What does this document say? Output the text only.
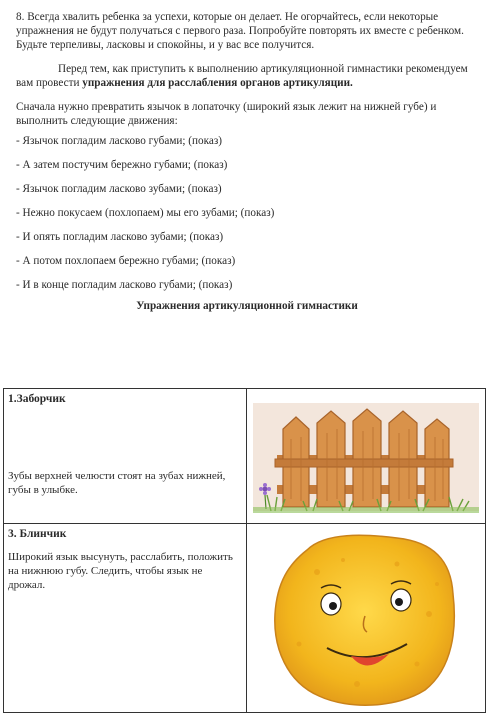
8. Всегда хвалить ребенка за успехи, которые он делает. Не огорчайтесь, если некоторые упражнения не будут получаться с первого раза. Попробуйте повторять их вместе с ребенком. Будьте терпеливы, ласковы и спокойны, и у вас все получится.

Перед тем, как приступить к выполнению артикуляционной гимнастики рекомендуем вам провести упражнения для расслабления органов артикуляции.

Сначала нужно превратить язычок в лопаточку (широкий язык лежит на нижней губе) и выполнить следующие движения:

- Язычок погладим ласково губами; (показ)
- А затем постучим бережно губами; (показ)
- Язычок погладим ласково зубами; (показ)
- Нежно покусаем (похлопаем) мы его зубами; (показ)
- И опять погладим ласково зубами; (показ)
- А потом похлопаем бережно губами; (показ)
- И в конце погладим ласково губами; (показ)
Упражнения артикуляционной гимнастики
1.Заборчик
Зубы верхней челюсти стоят на зубах нижней, губы в улыбке.

3. Блинчик
Широкий язык высунуть, расслабить, положить на нижнюю губу. Следить, чтобы язык не дрожал.
